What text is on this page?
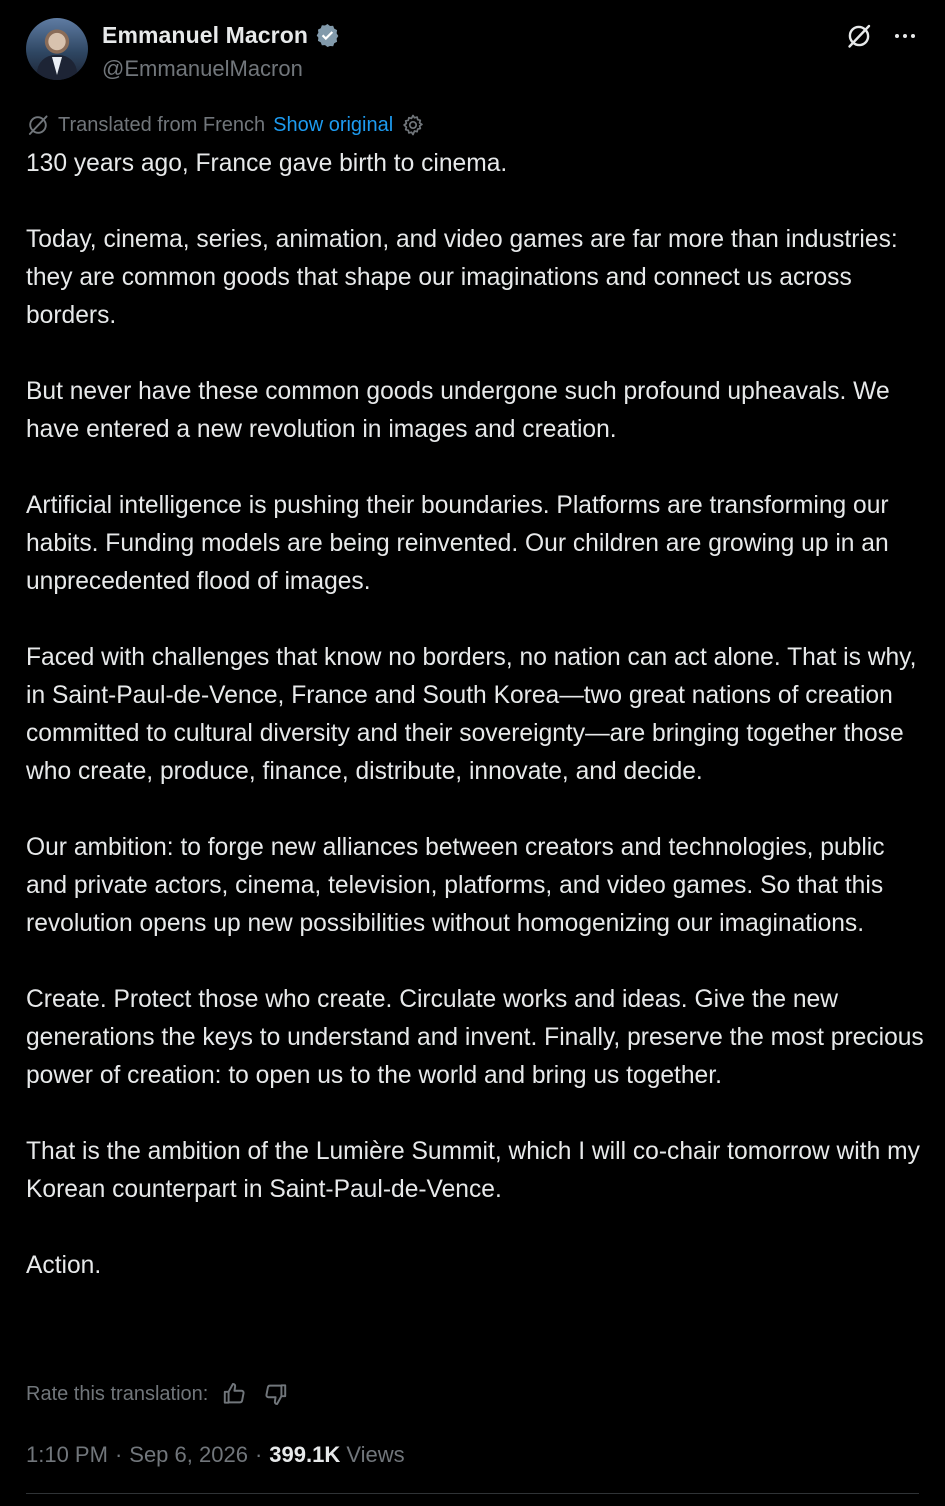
Emmanuel Macron
@EmmanuelMacron
Translated from French Show original

130 years ago, France gave birth to cinema.

Today, cinema, series, animation, and video games are far more than industries: they are common goods that shape our imaginations and connect us across borders.

But never have these common goods undergone such profound upheavals. We have entered a new revolution in images and creation.

Artificial intelligence is pushing their boundaries. Platforms are transforming our habits. Funding models are being reinvented. Our children are growing up in an unprecedented flood of images.

Faced with challenges that know no borders, no nation can act alone. That is why, in Saint-Paul-de-Vence, France and South Korea—two great nations of creation committed to cultural diversity and their sovereignty—are bringing together those who create, produce, finance, distribute, innovate, and decide.

Our ambition: to forge new alliances between creators and technologies, public and private actors, cinema, television, platforms, and video games. So that this revolution opens up new possibilities without homogenizing our imaginations.

Create. Protect those who create. Circulate works and ideas. Give the new generations the keys to understand and invent. Finally, preserve the most precious power of creation: to open us to the world and bring us together.

That is the ambition of the Lumière Summit, which I will co-chair tomorrow with my Korean counterpart in Saint-Paul-de-Vence.

Action.

Rate this translation:
1:10 PM · Sep 6, 2026 · 399.1K Views
